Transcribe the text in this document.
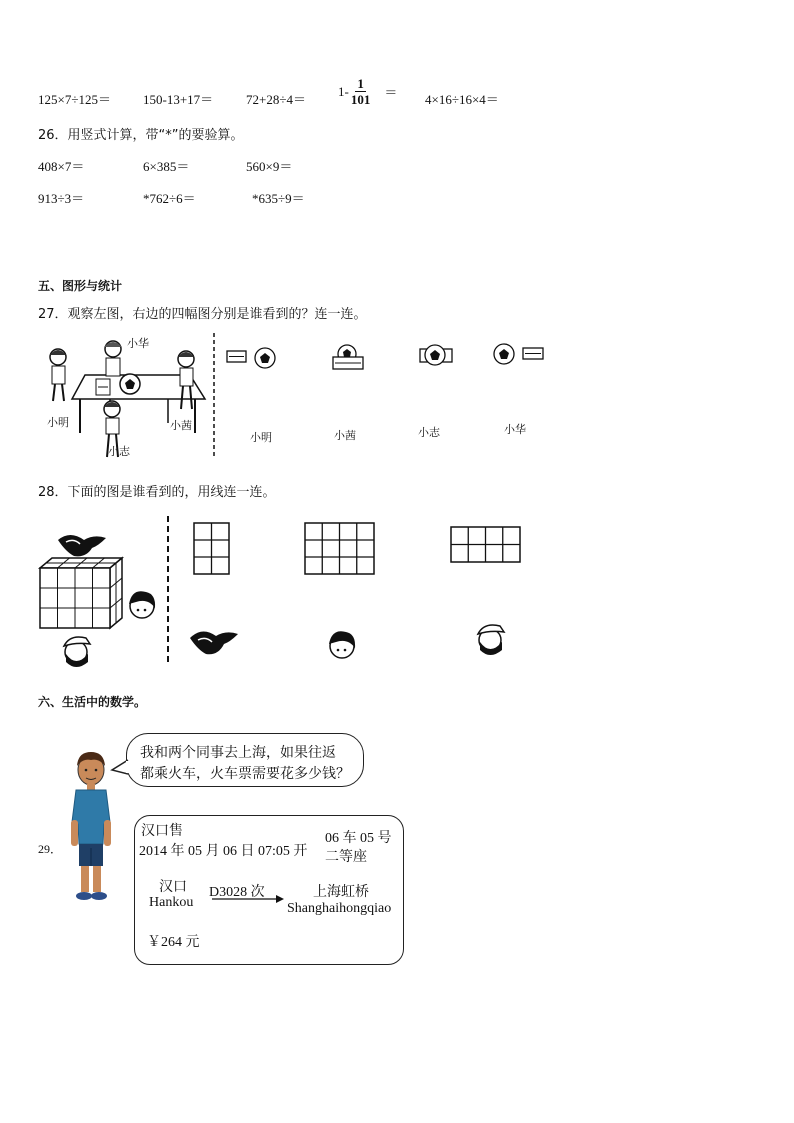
125×7÷125＝ 150-13+17＝	72+28÷4＝
$1- \frac{1}{101} = 4\times 16\div 16\times 4=$
26．用竖式计算，带“*”的要验算。
408×7＝	6×385＝	560×9＝
913÷3＝	*762÷6＝	*635÷9＝
五、图形与统计
27．观察左图，右边的四幅图分别是谁看到的？连一连。
小明
小华
小茜
小志
小明	小茜	小志	小华
28．下面的图是谁看到的，用线连一连。
六、生活中的数学。
我和两个同事去上海，如果往返
都乘火车，火车票需要花多少钱？
29．
汉口售
2014 年 05 月 06 日 07:05 开
06 车 05 号
二等座
汉口
Hankou
D3028 次	上海虹桥
Shanghaihongqiao
￥264 元
